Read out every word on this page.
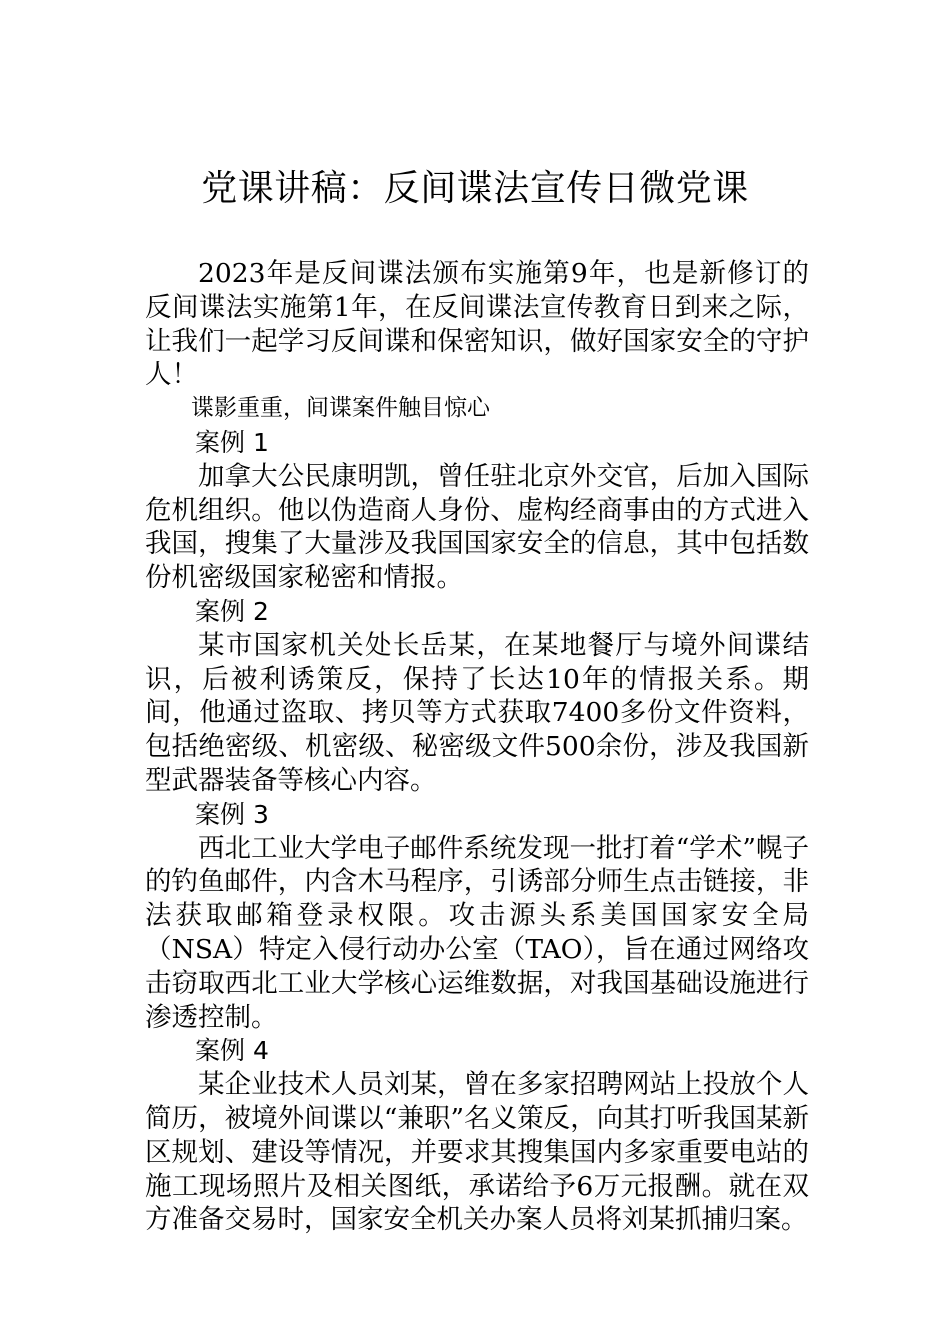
党课讲稿：反间谍法宣传日微党课

2023年是反间谍法颁布实施第9年，也是新修订的反间谍法实施第1年，在反间谍法宣传教育日到来之际，让我们一起学习反间谍和保密知识，做好国家安全的守护人！

谍影重重，间谍案件触目惊心

案例 1

加拿大公民康明凯，曾任驻北京外交官，后加入国际危机组织。他以伪造商人身份、虚构经商事由的方式进入我国，搜集了大量涉及我国国家安全的信息，其中包括数份机密级国家秘密和情报。

案例 2

某市国家机关处长岳某，在某地餐厅与境外间谍结识，后被利诱策反，保持了长达10年的情报关系。期间，他通过盗取、拷贝等方式获取7400多份文件资料，包括绝密级、机密级、秘密级文件500余份，涉及我国新型武器装备等核心内容。

案例 3

西北工业大学电子邮件系统发现一批打着“学术”幌子的钓鱼邮件，内含木马程序，引诱部分师生点击链接，非法获取邮箱登录权限。攻击源头系美国国家安全局（NSA）特定入侵行动办公室（TAO），旨在通过网络攻击窃取西北工业大学核心运维数据，对我国基础设施进行渗透控制。

案例 4

某企业技术人员刘某，曾在多家招聘网站上投放个人简历，被境外间谍以“兼职”名义策反，向其打听我国某新区规划、建设等情况，并要求其搜集国内多家重要电站的施工现场照片及相关图纸，承诺给予6万元报酬。就在双方准备交易时，国家安全机关办案人员将刘某抓捕归案。
